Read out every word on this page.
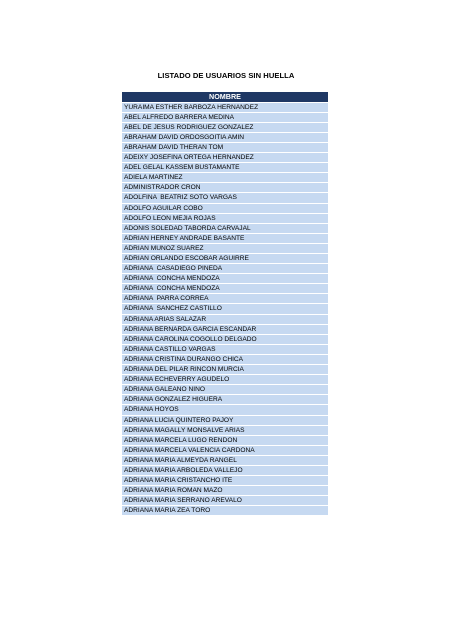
LISTADO DE USUARIOS SIN HUELLA
NOMBRE
YURAIMA ESTHER BARBOZA HERNANDEZ
ABEL ALFREDO BARRERA MEDINA
ABEL DE JESUS RODRIGUEZ GONZALEZ
ABRAHAM DAVID ORDOSGOITIA AMIN
ABRAHAM DAVID THERAN TOM
ADEIXY JOSEFINA ORTEGA HERNANDEZ
ADEL GELAL KASSEM BUSTAMANTE
ADIELA MARTINEZ
ADMINISTRADOR CRON
ADOLFINA  BEATRIZ SOTO VARGAS
ADOLFO AGUILAR COBO
ADOLFO LEON MEJIA ROJAS
ADONIS SOLEDAD TABORDA CARVAJAL
ADRIAN HERNEY ANDRADE BASANTE
ADRIAN MUNOZ SUAREZ
ADRIAN ORLANDO ESCOBAR AGUIRRE
ADRIANA  CASADIEGO PINEDA
ADRIANA  CONCHA MENDOZA
ADRIANA  CONCHA MENDOZA
ADRIANA  PARRA CORREA
ADRIANA  SANCHEZ CASTILLO
ADRIANA ARIAS SALAZAR
ADRIANA BERNARDA GARCIA ESCANDAR
ADRIANA CAROLINA COGOLLO DELGADO
ADRIANA CASTILLO VARGAS
ADRIANA CRISTINA DURANGO CHICA
ADRIANA DEL PILAR RINCON MURCIA
ADRIANA ECHEVERRY AGUDELO
ADRIANA GALEANO NINO
ADRIANA GONZALEZ HIGUERA
ADRIANA HOYOS
ADRIANA LUCIA QUINTERO PAJOY
ADRIANA MAGALLY MONSALVE ARIAS
ADRIANA MARCELA LUGO RENDON
ADRIANA MARCELA VALENCIA CARDONA
ADRIANA MARIA ALMEYDA RANGEL
ADRIANA MARIA ARBOLEDA VALLEJO
ADRIANA MARIA CRISTANCHO ITE
ADRIANA MARIA ROMAN MAZO
ADRIANA MARIA SERRANO AREVALO
ADRIANA MARIA ZEA TORO
